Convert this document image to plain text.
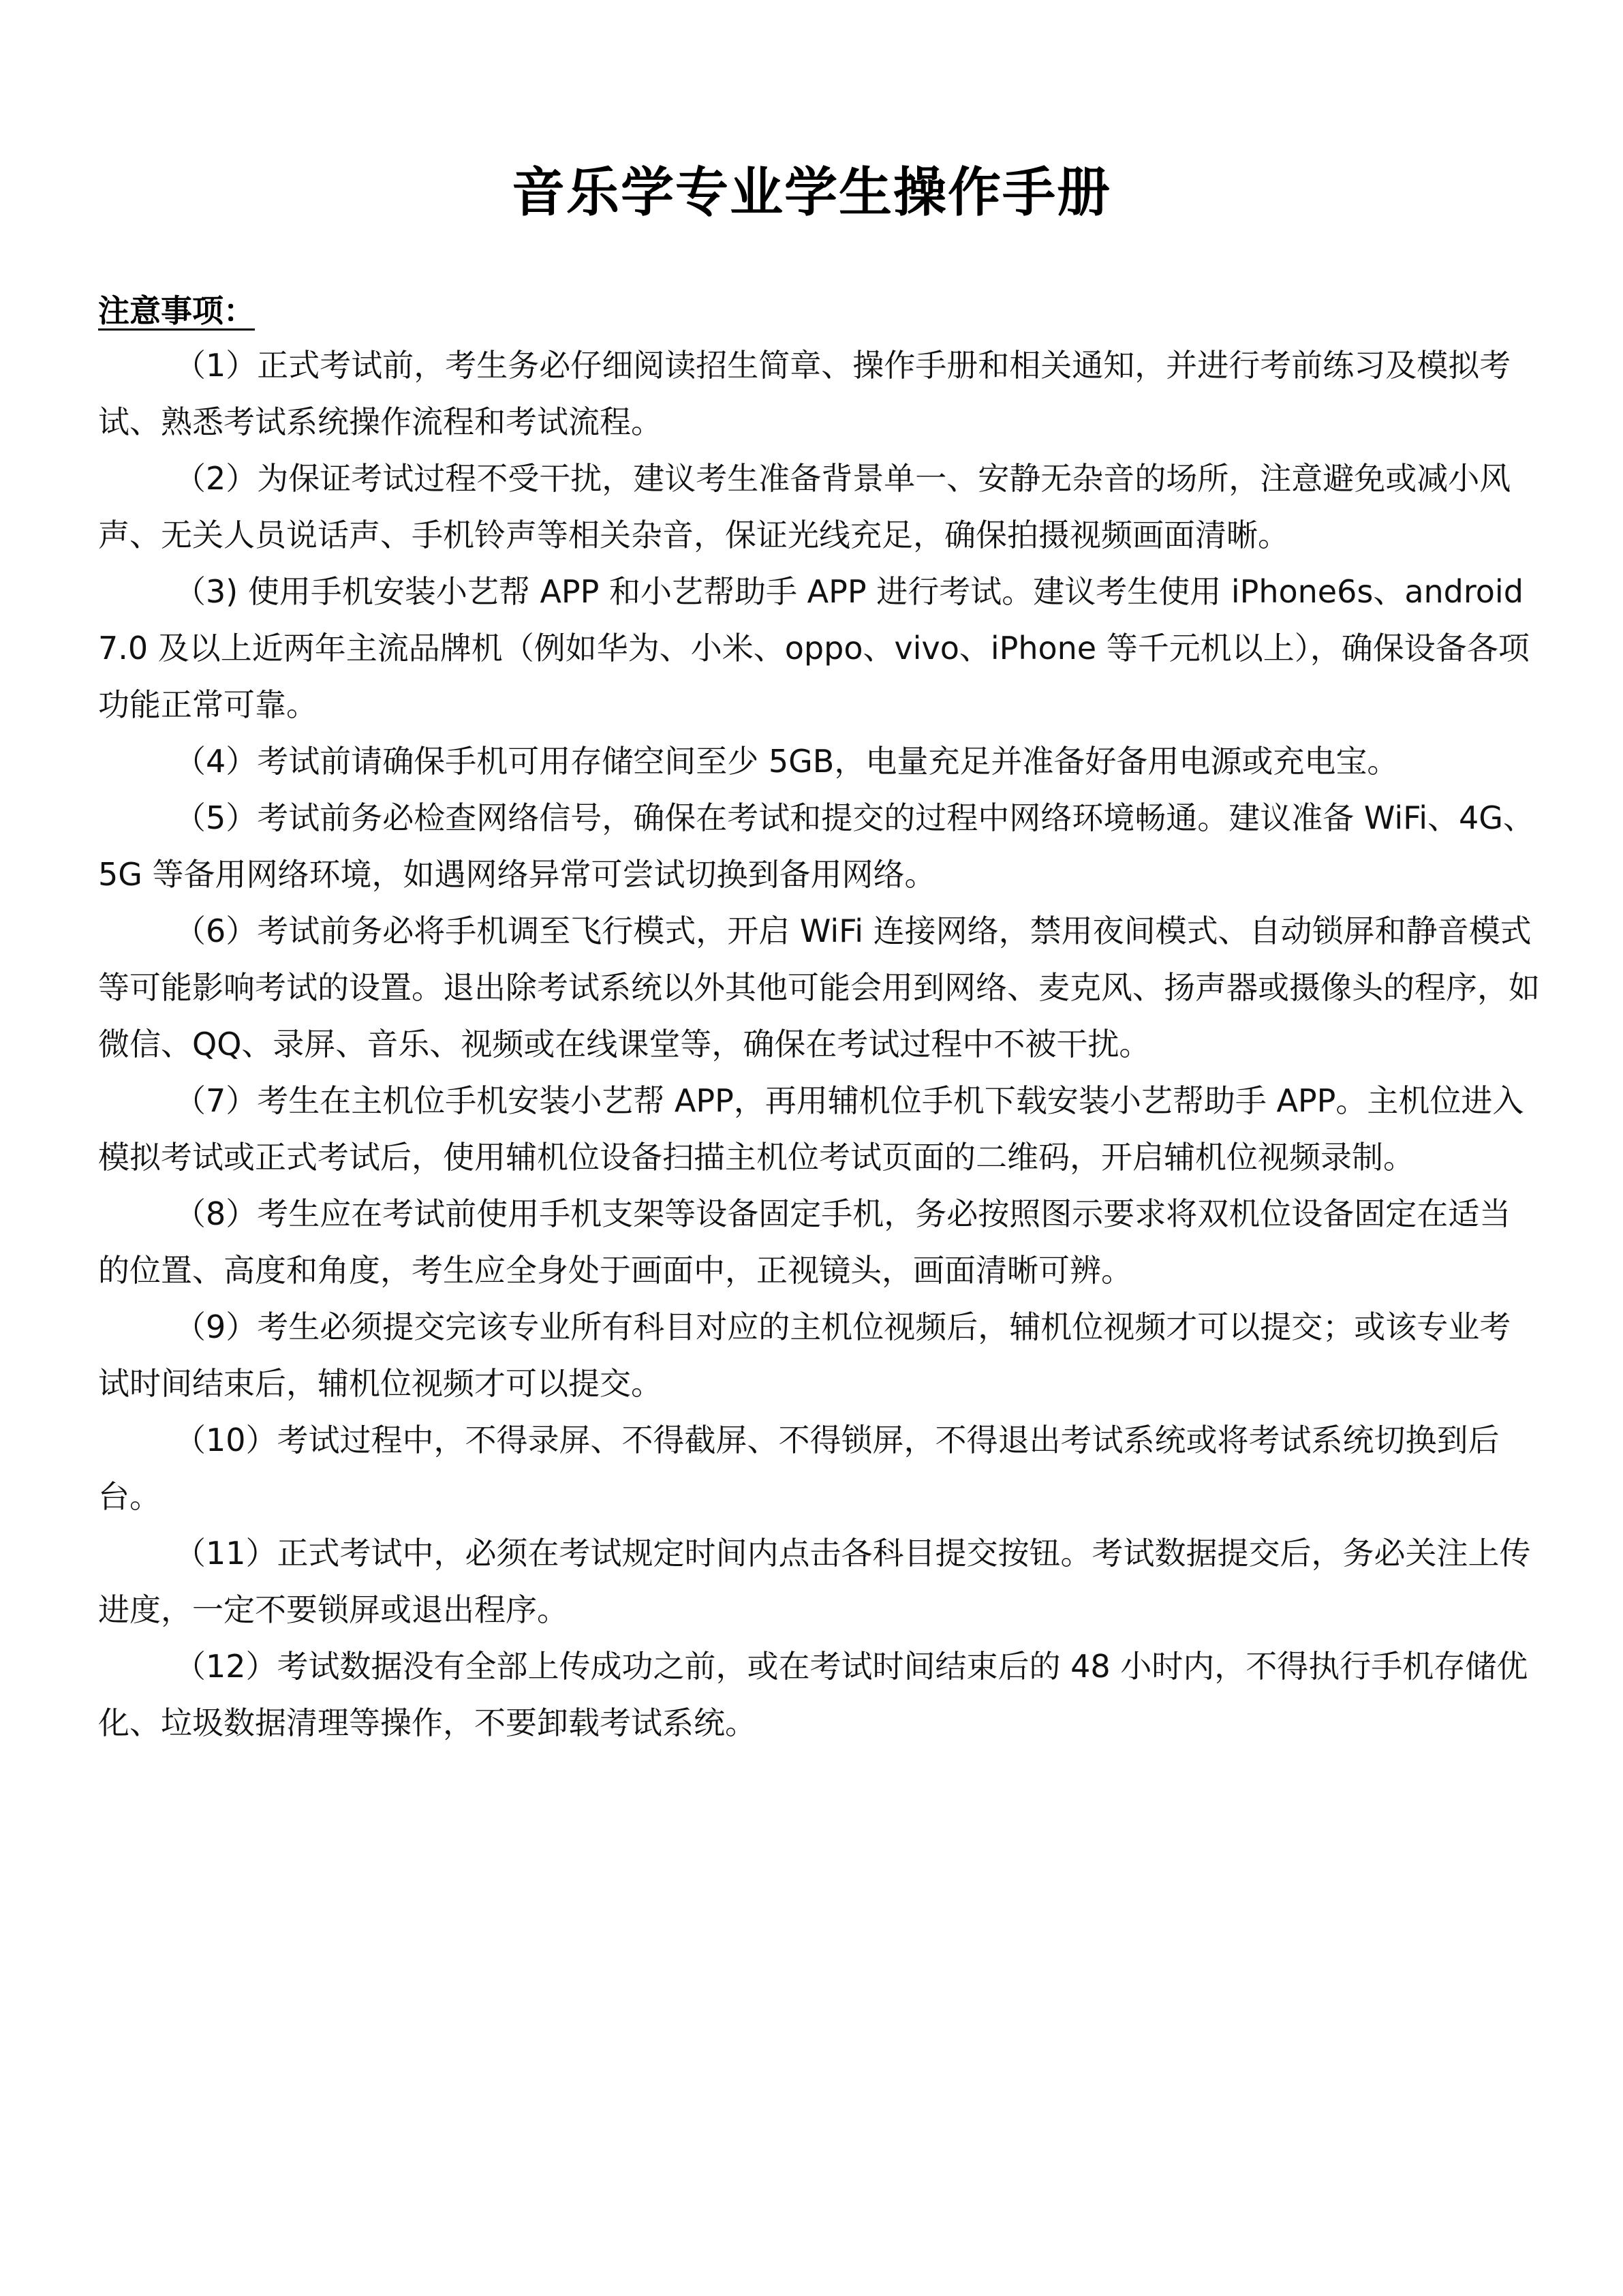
音乐学专业学生操作手册
注意事项：

（1）正式考试前，考生务必仔细阅读招生简章、操作手册和相关通知，并进行考前练习及模拟考试、熟悉考试系统操作流程和考试流程。

（2）为保证考试过程不受干扰，建议考生准备背景单一、安静无杂音的场所，注意避免或减小风声、无关人员说话声、手机铃声等相关杂音，保证光线充足，确保拍摄视频画面清晰。

（3) 使用手机安装小艺帮 APP 和小艺帮助手 APP 进行考试。建议考生使用 iPhone6s、android 7.0 及以上近两年主流品牌机（例如华为、小米、oppo、vivo、iPhone 等千元机以上），确保设备各项功能正常可靠。

（4）考试前请确保手机可用存储空间至少 5GB，电量充足并准备好备用电源或充电宝。

（5）考试前务必检查网络信号，确保在考试和提交的过程中网络环境畅通。建议准备 WiFi、4G、5G 等备用网络环境，如遇网络异常可尝试切换到备用网络。

（6）考试前务必将手机调至飞行模式，开启 WiFi 连接网络，禁用夜间模式、自动锁屏和静音模式等可能影响考试的设置。退出除考试系统以外其他可能会用到网络、麦克风、扬声器或摄像头的程序，如微信、QQ、录屏、音乐、视频或在线课堂等，确保在考试过程中不被干扰。

（7）考生在主机位手机安装小艺帮 APP，再用辅机位手机下载安装小艺帮助手 APP。主机位进入模拟考试或正式考试后，使用辅机位设备扫描主机位考试页面的二维码，开启辅机位视频录制。

（8）考生应在考试前使用手机支架等设备固定手机，务必按照图示要求将双机位设备固定在适当的位置、高度和角度，考生应全身处于画面中，正视镜头，画面清晰可辨。

（9）考生必须提交完该专业所有科目对应的主机位视频后，辅机位视频才可以提交；或该专业考试时间结束后，辅机位视频才可以提交。

（10）考试过程中，不得录屏、不得截屏、不得锁屏，不得退出考试系统或将考试系统切换到后台。

（11）正式考试中，必须在考试规定时间内点击各科目提交按钮。考试数据提交后，务必关注上传进度，一定不要锁屏或退出程序。

（12）考试数据没有全部上传成功之前，或在考试时间结束后的 48 小时内，不得执行手机存储优化、垃圾数据清理等操作，不要卸载考试系统。
